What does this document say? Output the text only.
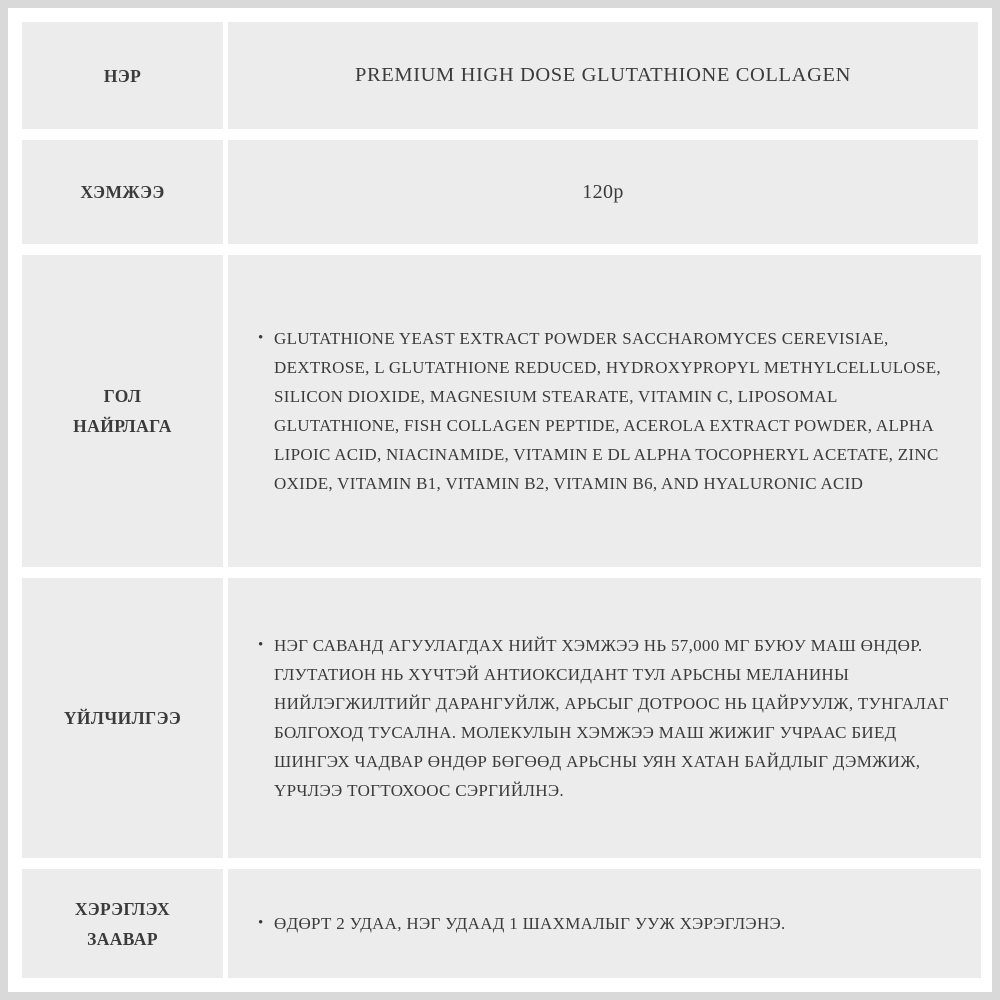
НЭР	PREMIUM HIGH DOSE GLUTATHIONE COLLAGEN
ХЭМЖЭЭ	120p
ГОЛ НАЙРЛАГА
• GLUTATHIONE YEAST EXTRACT POWDER SACCHAROMYCES CEREVISIAE, DEXTROSE, L GLUTATHIONE REDUCED, HYDROXYPROPYL METHYLCELLULOSE, SILICON DIOXIDE, MAGNESIUM STEARATE, VITAMIN C, LIPOSOMAL GLUTATHIONE, FISH COLLAGEN PEPTIDE, ACEROLA EXTRACT POWDER, ALPHA LIPOIC ACID, NIACINAMIDE, VITAMIN E DL ALPHA TOCOPHERYL ACETATE, ZINC OXIDE, VITAMIN B1, VITAMIN B2, VITAMIN B6, AND HYALURONIC ACID
ҮЙЛЧИЛГЭЭ
• НЭГ САВАНД АГУУЛАГДАХ НИЙТ ХЭМЖЭЭ НЬ 57,000 МГ БУЮУ МАШ ӨНДӨР. ГЛУТАТИОН НЬ ХҮЧТЭЙ АНТИОКСИДАНТ ТУЛ АРЬСНЫ МЕЛАНИНЫ НИЙЛЭГЖИЛТИЙГ ДАРАНГУЙЛЖ, АРЬСЫГ ДОТРООС НЬ ЦАЙРУУЛЖ, ТУНГАЛАГ БОЛГОХОД ТУСАЛНА. МОЛЕКУЛЫН ХЭМЖЭЭ МАШ ЖИЖИГ УЧРААС БИЕД ШИНГЭХ ЧАДВАР ӨНДӨР БӨГӨӨД АРЬСНЫ УЯН ХАТАН БАЙДЛЫГ ДЭМЖИЖ, ҮРЧЛЭЭ ТОГТОХООС СЭРГИЙЛНЭ.
ХЭРЭГЛЭХ ЗААВАР
• ӨДӨРТ 2 УДАА, НЭГ УДААД 1 ШАХМАЛЫГ УУЖ ХЭРЭГЛЭНЭ.
